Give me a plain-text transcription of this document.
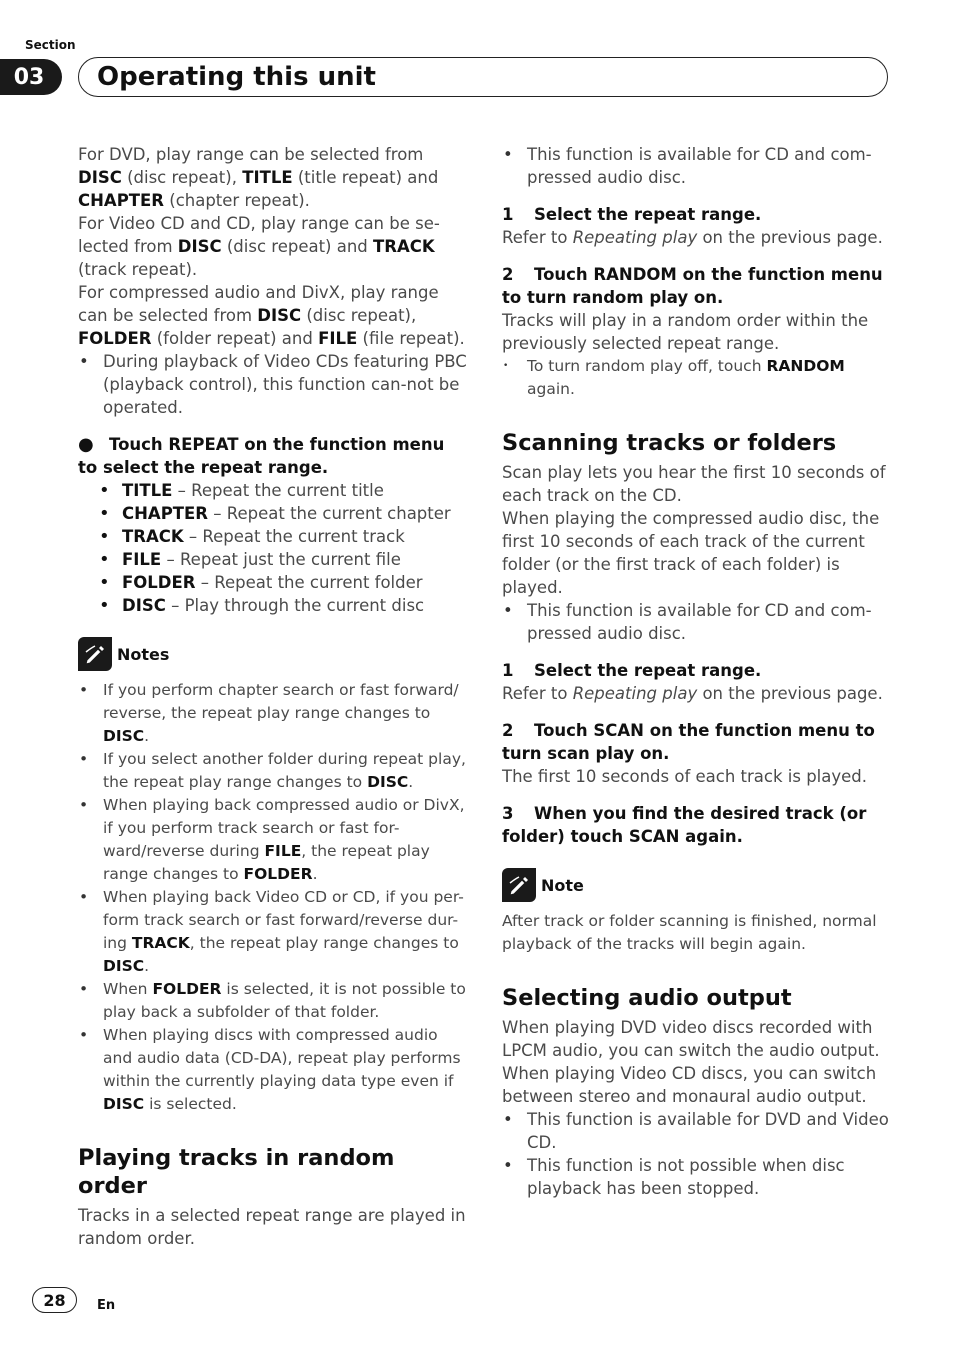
Section
03	Operating this unit

For DVD, play range can be selected from DISC (disc repeat), TITLE (title repeat) and CHAPTER (chapter repeat).

For Video CD and CD, play range can be se-lected from DISC (disc repeat) and TRACK (track repeat).

For compressed audio and DivX, play range can be selected from DISC (disc repeat), FOLDER (folder repeat) and FILE (file repeat).

• During playback of Video CDs featuring PBC (playback control), this function can-not be operated.
● Touch REPEAT on the function menu to select the repeat range.
• TITLE – Repeat the current title
• CHAPTER – Repeat the current chapter
• TRACK – Repeat the current track
• FILE – Repeat just the current file
• FOLDER – Repeat the current folder
• DISC – Play through the current disc
Notes
• If you perform chapter search or fast forward/ reverse, the repeat play range changes to DISC.
• If you select another folder during repeat play, the repeat play range changes to DISC.
• When playing back compressed audio or DivX, if you perform track search or fast for-ward/reverse during FILE, the repeat play range changes to FOLDER.
• When playing back Video CD or CD, if you per-form track search or fast forward/reverse dur-ing TRACK, the repeat play range changes to DISC.
• When FOLDER is selected, it is not possible to play back a subfolder of that folder.
• When playing discs with compressed audio and audio data (CD-DA), repeat play performs within the currently playing data type even if DISC is selected.
Playing tracks in random order

Tracks in a selected repeat range are played in random order.

• This function is available for CD and com-pressed audio disc.
1 Select the repeat range.

Refer to Repeating play on the previous page.

2 Touch RANDOM on the function menu to turn random play on.

Tracks will play in a random order within the previously selected repeat range.

• To turn random play off, touch RANDOM again.
Scanning tracks or folders

Scan play lets you hear the first 10 seconds of each track on the CD.

When playing the compressed audio disc, the first 10 seconds of each track of the current folder (or the first track of each folder) is played.

• This function is available for CD and com-pressed audio disc.
1 Select the repeat range.

Refer to Repeating play on the previous page.

2 Touch SCAN on the function menu to turn scan play on.

The first 10 seconds of each track is played.

3 When you find the desired track (or folder) touch SCAN again.
Note

After track or folder scanning is finished, normal playback of the tracks will begin again.

Selecting audio output

When playing DVD video discs recorded with LPCM audio, you can switch the audio output.

When playing Video CD discs, you can switch between stereo and monaural audio output.

• This function is available for DVD and Video CD.
• This function is not possible when disc playback has been stopped.
28	En
